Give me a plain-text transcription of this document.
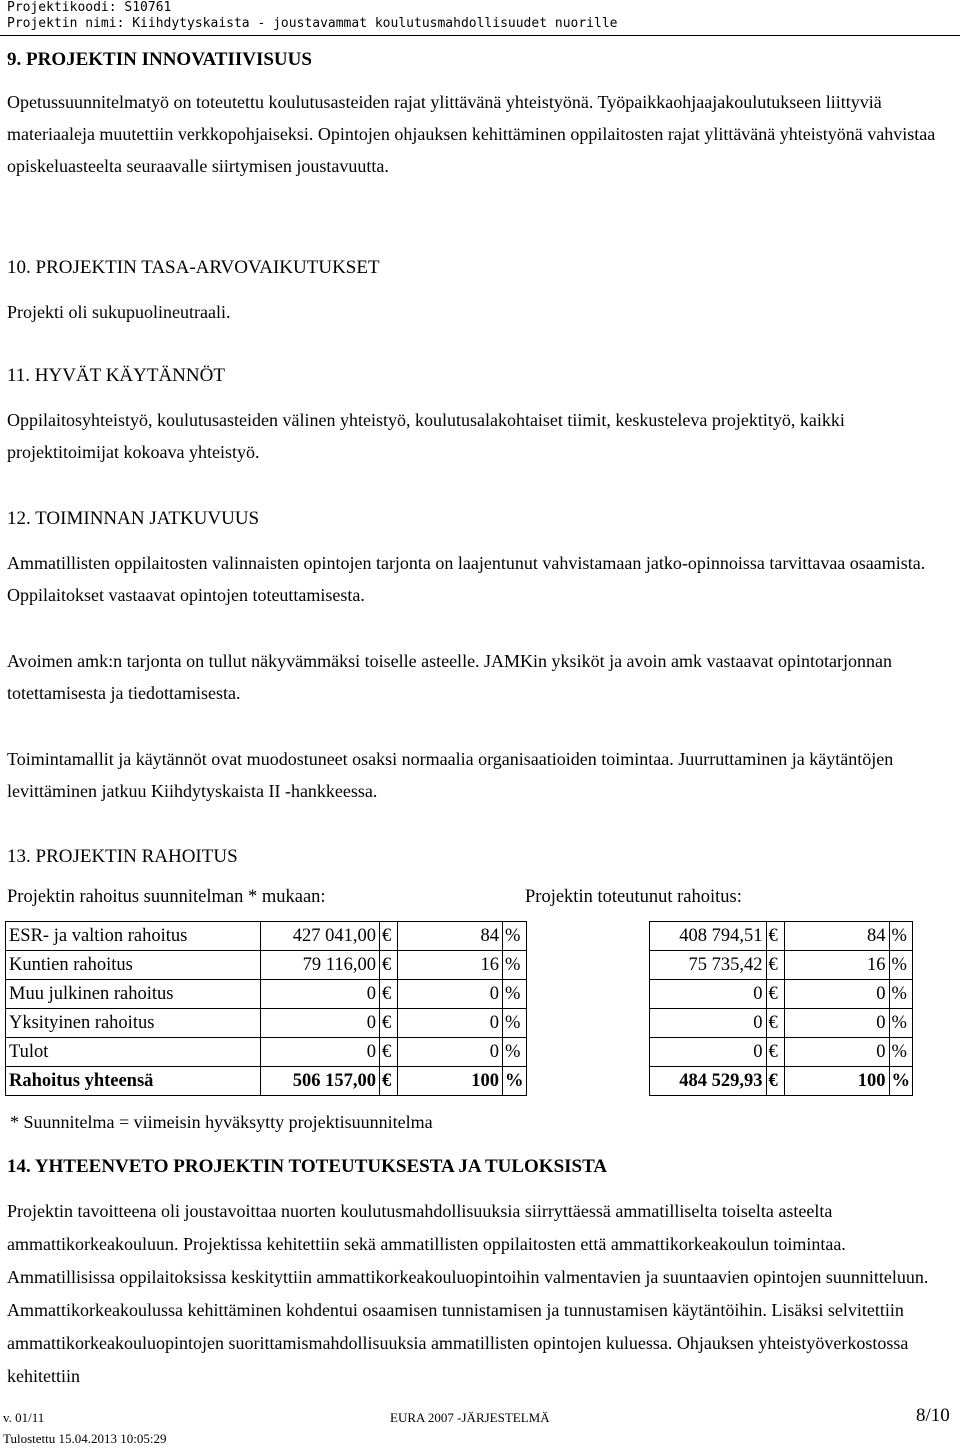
Projektikoodi: S10761
Projektin nimi: Kiihdytyskaista - joustavammat koulutusmahdollisuudet nuorille
9. PROJEKTIN INNOVATIIVISUUS
Opetussuunnitelmatyö on toteutettu koulutusasteiden rajat ylittävänä yhteistyönä. Työpaikkaohjaajakoulutukseen liittyviä materiaaleja muutettiin verkkopohjaiseksi. Opintojen ohjauksen kehittäminen oppilaitosten rajat ylittävänä yhteistyönä vahvistaa opiskeluasteelta seuraavalle siirtymisen joustavuutta.
10. PROJEKTIN TASA-ARVOVAIKUTUKSET
Projekti oli sukupuolineutraali.
11. HYVÄT KÄYTÄNNÖT
Oppilaitosyhteistyö, koulutusasteiden välinen yhteistyö, koulutusalakohtaiset tiimit, keskusteleva projektityö, kaikki projektitoimijat kokoava yhteistyö.
12. TOIMINNAN JATKUVUUS
Ammatillisten oppilaitosten valinnaisten opintojen tarjonta on laajentunut vahvistamaan jatko-opinnoissa tarvittavaa osaamista. Oppilaitokset vastaavat opintojen toteuttamisesta.
Avoimen amk:n tarjonta on tullut näkyvämmäksi toiselle asteelle. JAMKin yksiköt ja avoin amk vastaavat opintotarjonnan totettamisesta ja tiedottamisesta.
Toimintamallit ja käytännöt ovat muodostuneet osaksi normaalia organisaatioiden toimintaa. Juurruttaminen ja käytäntöjen levittäminen jatkuu Kiihdytyskaista II -hankkeessa.
13. PROJEKTIN RAHOITUS
Projektin rahoitus suunnitelman * mukaan:	Projektin toteutunut rahoitus:
ESR- ja valtion rahoitus	427 041,00	€	84	%		408 794,51	€	84	%
Kuntien rahoitus	79 116,00	€	16	%		75 735,42	€	16	%
Muu julkinen rahoitus	0	€	0	%		0	€	0	%
Yksityinen rahoitus	0	€	0	%		0	€	0	%
Tulot	0	€	0	%		0	€	0	%
Rahoitus yhteensä	506 157,00	€	100	%		484 529,93	€	100	%
* Suunnitelma = viimeisin hyväksytty projektisuunnitelma
14. YHTEENVETO PROJEKTIN TOTEUTUKSESTA JA TULOKSISTA
Projektin tavoitteena oli joustavoittaa nuorten koulutusmahdollisuuksia siirryttäessä ammatilliselta toiselta asteelta ammattikorkeakouluun. Projektissa kehitettiin sekä ammatillisten oppilaitosten että ammattikorkeakoulun toimintaa. Ammatillisissa oppilaitoksissa keskityttiin ammattikorkeakouluopintoihin valmentavien ja suuntaavien opintojen suunnitteluun. Ammattikorkeakoulussa kehittäminen kohdentui osaamisen tunnistamisen ja tunnustamisen käytäntöihin. Lisäksi selvitettiin ammattikorkeakouluopintojen suorittamismahdollisuuksia ammatillisten opintojen kuluessa. Ohjauksen yhteistyöverkostossa kehitettiin
v. 01/11	EURA 2007 -JÄRJESTELMÄ	8/10
Tulostettu 15.04.2013 10:05:29
